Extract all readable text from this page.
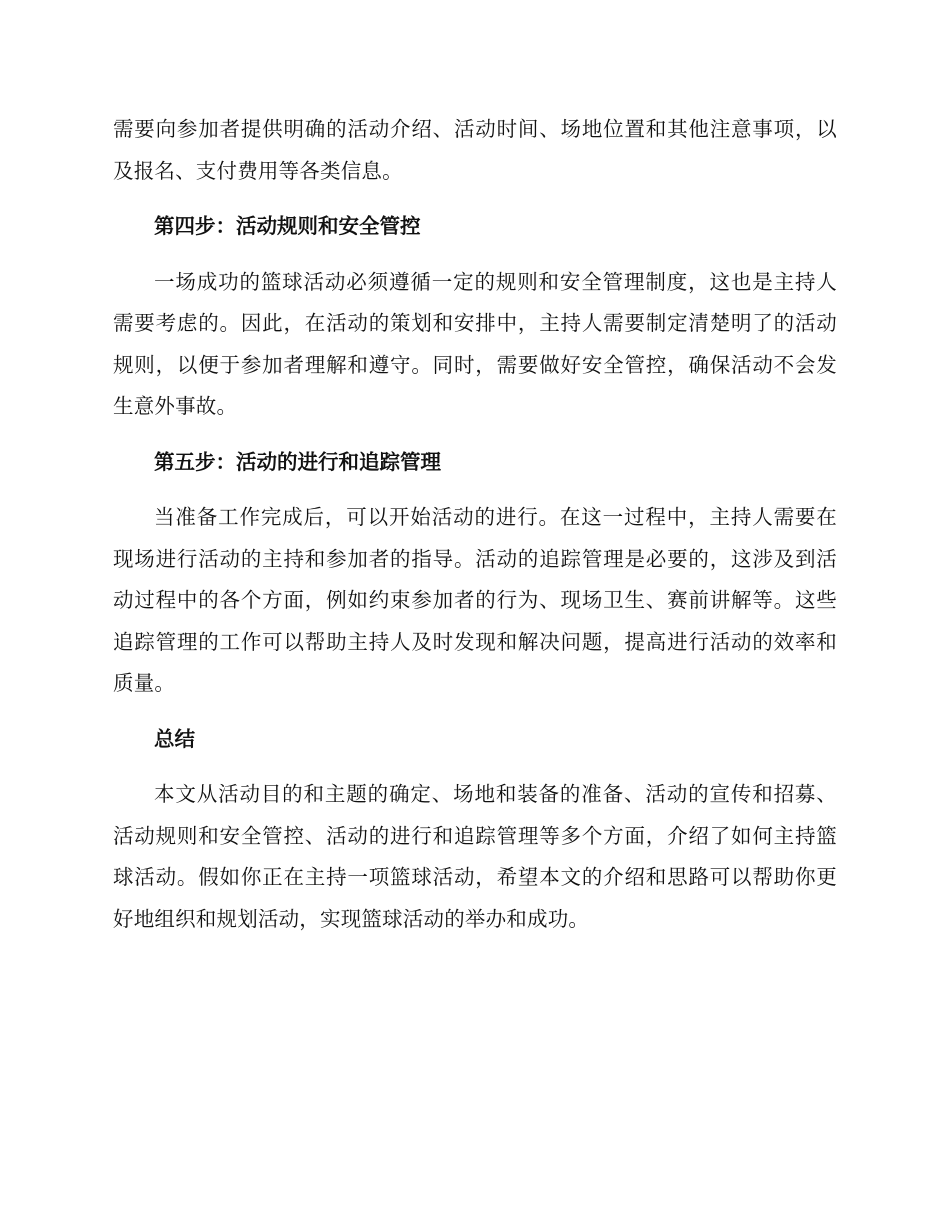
需要向参加者提供明确的活动介绍、活动时间、场地位置和其他注意事项，以及报名、支付费用等各类信息。

第四步：活动规则和安全管控

一场成功的篮球活动必须遵循一定的规则和安全管理制度，这也是主持人需要考虑的。因此，在活动的策划和安排中，主持人需要制定清楚明了的活动规则，以便于参加者理解和遵守。同时，需要做好安全管控，确保活动不会发生意外事故。

第五步：活动的进行和追踪管理

当准备工作完成后，可以开始活动的进行。在这一过程中，主持人需要在现场进行活动的主持和参加者的指导。活动的追踪管理是必要的，这涉及到活动过程中的各个方面，例如约束参加者的行为、现场卫生、赛前讲解等。这些追踪管理的工作可以帮助主持人及时发现和解决问题，提高进行活动的效率和质量。

总结

本文从活动目的和主题的确定、场地和装备的准备、活动的宣传和招募、活动规则和安全管控、活动的进行和追踪管理等多个方面，介绍了如何主持篮球活动。假如你正在主持一项篮球活动，希望本文的介绍和思路可以帮助你更好地组织和规划活动，实现篮球活动的举办和成功。
